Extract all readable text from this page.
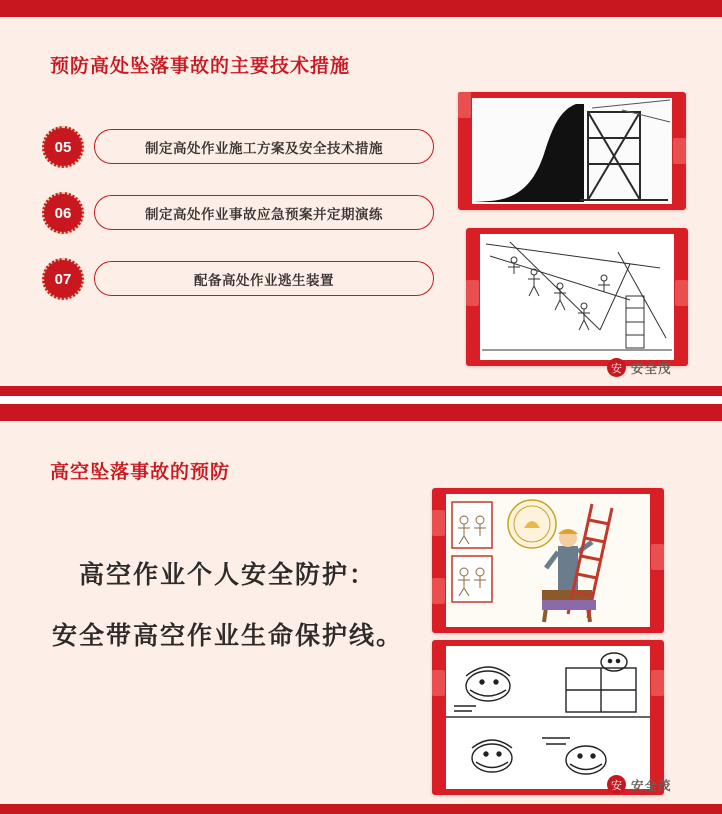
预防高处坠落事故的主要技术措施
05	制定高处作业施工方案及安全技术措施
06	制定高处作业事故应急预案并定期演练
07	配备高处作业逃生装置
安 安全茂
高空坠落事故的预防
高空作业个人安全防护：
安全带高空作业生命保护线。
安 安全茂
